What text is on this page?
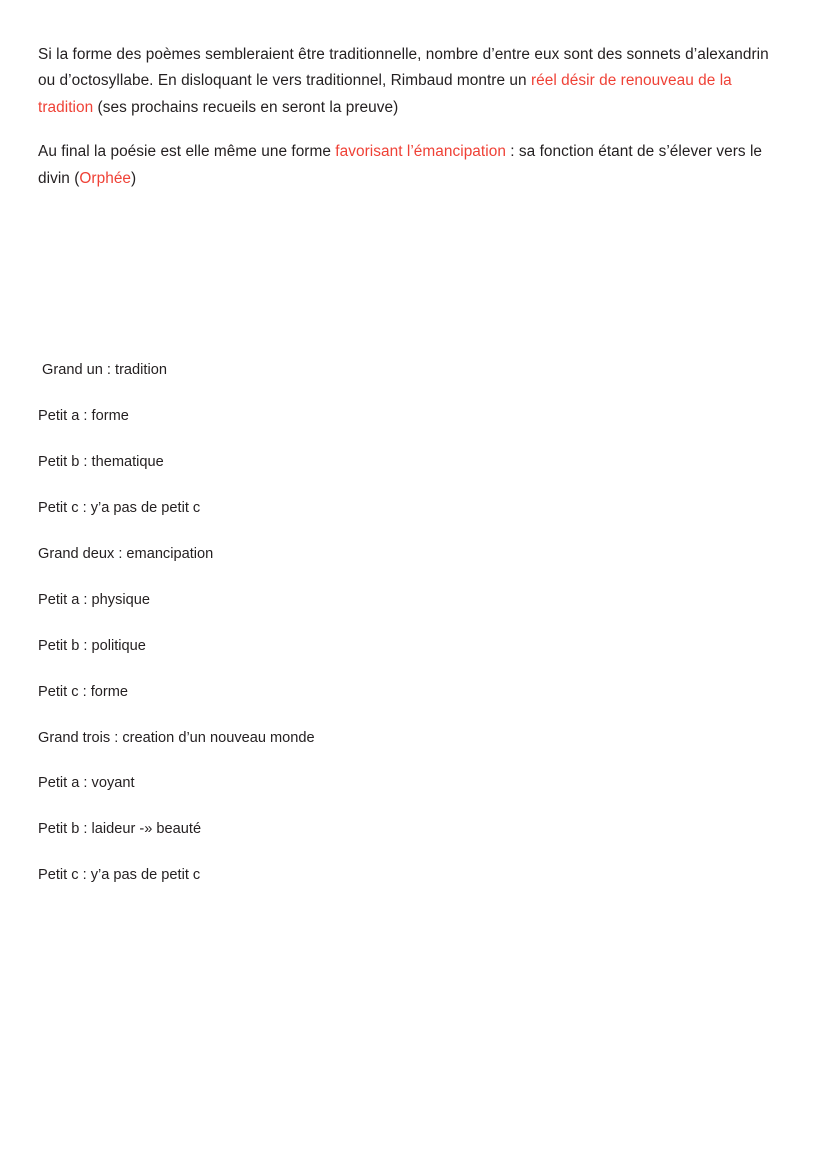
Si la forme des poèmes sembleraient être traditionnelle, nombre d’entre eux sont des sonnets d’alexandrin ou d’octosyllabe. En disloquant le vers traditionnel, Rimbaud montre un réel désir de renouveau de la tradition (ses prochains recueils en seront la preuve)

Au final la poésie est elle même une forme favorisant l’émancipation : sa fonction étant de s’élever vers le divin (Orphée)

Grand un : tradition

Petit a : forme

Petit b : thematique

Petit c : y’a pas de petit c

Grand deux : emancipation

Petit a : physique

Petit b : politique

Petit c : forme

Grand trois : creation d’un nouveau monde

Petit a : voyant

Petit b : laideur -» beauté

Petit c : y’a pas de petit c
